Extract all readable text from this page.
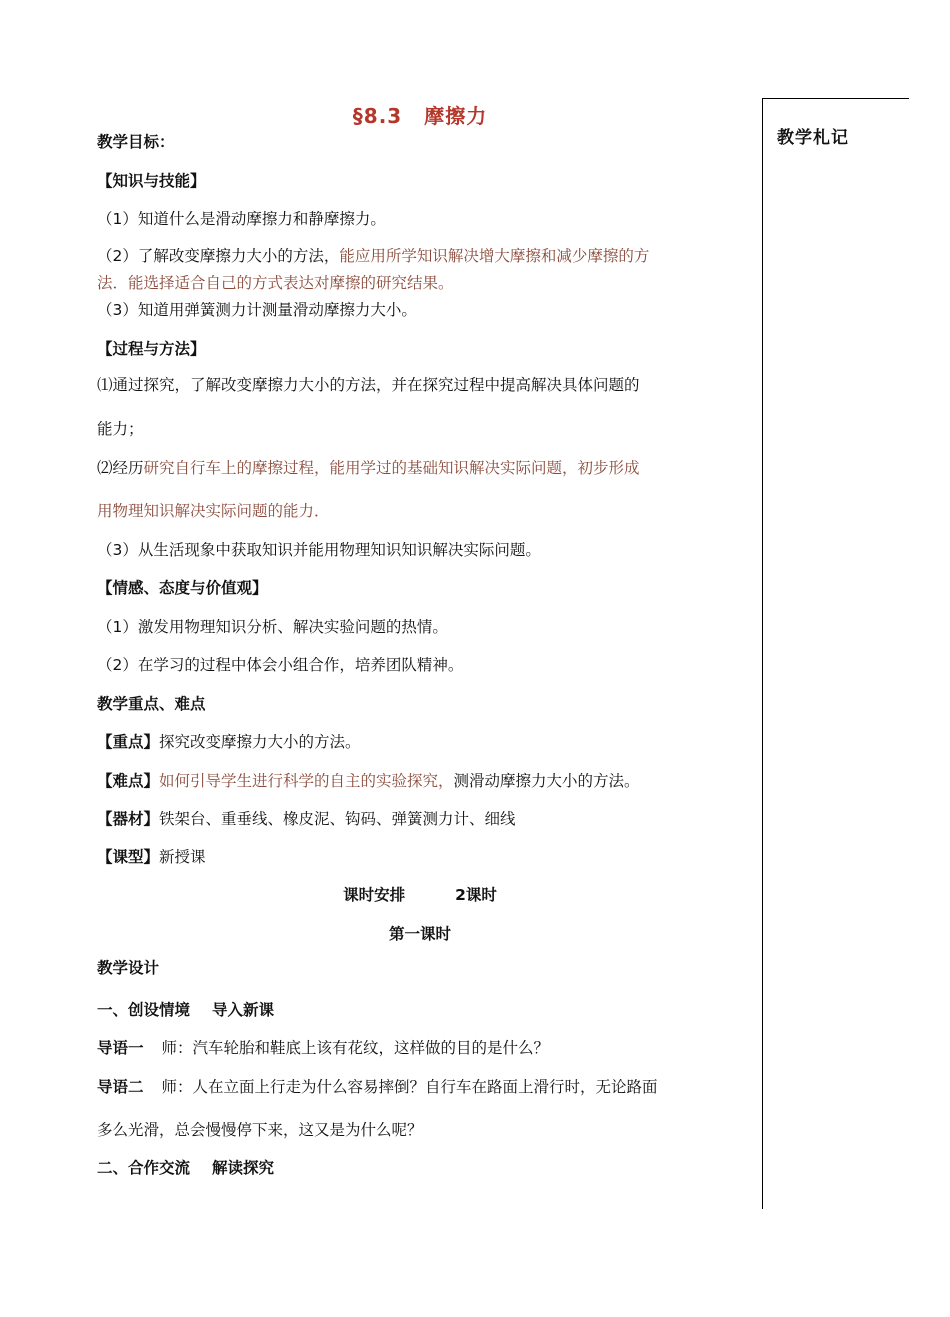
§8.3 摩擦力
教学札记
教学目标：
【知识与技能】
（1）知道什么是滑动摩擦力和静摩擦力。
（2）了解改变摩擦力大小的方法，能应用所学知识解决增大摩擦和减少摩擦的方
法．能选择适合自己的方式表达对摩擦的研究结果。
（3）知道用弹簧测力计测量滑动摩擦力大小。
【过程与方法】
⑴通过探究，了解改变摩擦力大小的方法，并在探究过程中提高解决具体问题的
能力；
⑵经历研究自行车上的摩擦过程，能用学过的基础知识解决实际问题，初步形成
用物理知识解决实际问题的能力．
（3）从生活现象中获取知识并能用物理知识知识解决实际问题。
【情感、态度与价值观】
（1）激发用物理知识分析、解决实验问题的热情。
（2）在学习的过程中体会小组合作，培养团队精神。
教学重点、难点
【重点】探究改变摩擦力大小的方法。
【难点】如何引导学生进行科学的自主的实验探究，测滑动摩擦力大小的方法。
【器材】铁架台、重垂线、橡皮泥、钩码、弹簧测力计、细线
【课型】新授课
课时安排	2课时
第一课时
教学设计
一、创设情境 导入新课
导语一 师：汽车轮胎和鞋底上该有花纹，这样做的目的是什么？
导语二 师：人在立面上行走为什么容易摔倒？自行车在路面上滑行时，无论路面
多么光滑，总会慢慢停下来，这又是为什么呢？
二、合作交流 解读探究
